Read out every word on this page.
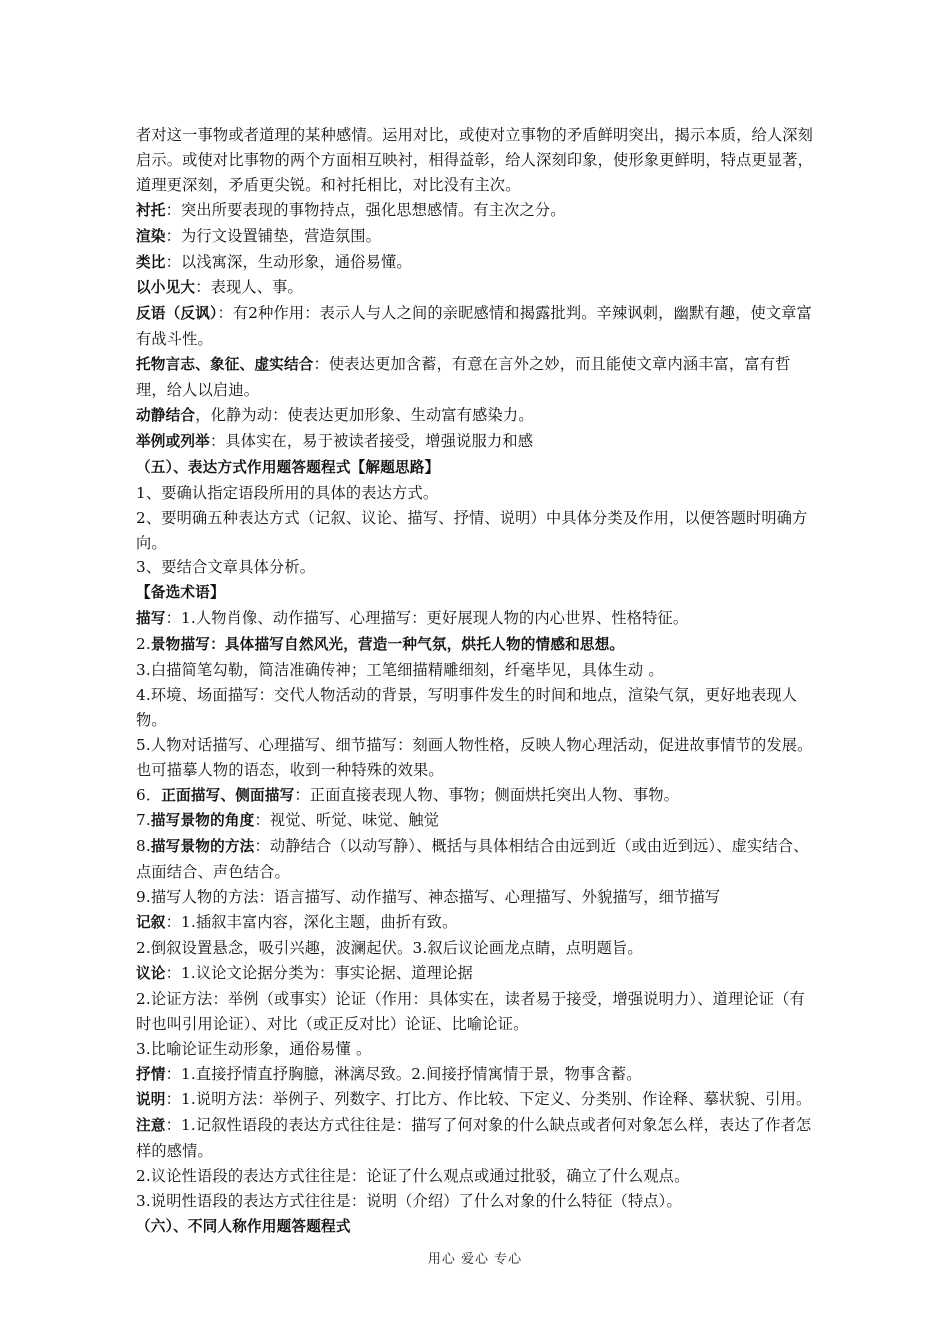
者对这一事物或者道理的某种感情。运用对比，或使对立事物的矛盾鲜明突出，揭示本质，给人深刻启示。或使对比事物的两个方面相互映衬，相得益彰，给人深刻印象，使形象更鲜明，特点更显著，道理更深刻，矛盾更尖锐。和衬托相比，对比没有主次。

衬托：突出所要表现的事物持点，强化思想感情。有主次之分。

渲染：为行文设置铺垫，营造氛围。

类比：以浅寓深，生动形象，通俗易懂。

以小见大：表现人、事。

反语（反讽）：有2种作用：表示人与人之间的亲昵感情和揭露批判。辛辣讽刺，幽默有趣，使文章富有战斗性。

托物言志、象征、虚实结合：使表达更加含蓄，有意在言外之妙，而且能使文章内涵丰富，富有哲理，给人以启迪。

动静结合，化静为动：使表达更加形象、生动富有感染力。

举例或列举：具体实在，易于被读者接受，增强说服力和感

（五）、表达方式作用题答题程式【解题思路】

1、要确认指定语段所用的具体的表达方式。

2、要明确五种表达方式（记叙、议论、描写、抒情、说明）中具体分类及作用，以便答题时明确方向。

3、要结合文章具体分析。

【备选术语】

描写：1.人物肖像、动作描写、心理描写：更好展现人物的内心世界、性格特征。

2.景物描写：具体描写自然风光，营造一种气氛，烘托人物的情感和思想。

3.白描简笔勾勒，简洁准确传神；工笔细描精雕细刻，纤毫毕见，具体生动 。

4.环境、场面描写：交代人物活动的背景，写明事件发生的时间和地点，渲染气氛，更好地表现人物。

5.人物对话描写、心理描写、细节描写：刻画人物性格，反映人物心理活动，促进故事情节的发展。也可描摹人物的语态，收到一种特殊的效果。

6．正面描写、侧面描写：正面直接表现人物、事物；侧面烘托突出人物、事物。

7.描写景物的角度：视觉、听觉、味觉、触觉

8.描写景物的方法：动静结合（以动写静）、概括与具体相结合由远到近（或由近到远）、虚实结合、点面结合、声色结合。

9.描写人物的方法：语言描写、动作描写、神态描写、心理描写、外貌描写，细节描写

记叙：1.插叙丰富内容，深化主题，曲折有致。

2.倒叙设置悬念，吸引兴趣，波澜起伏。3.叙后议论画龙点睛，点明题旨。

议论：1.议论文论据分类为：事实论据、道理论据

2.论证方法：举例（或事实）论证（作用：具体实在，读者易于接受，增强说明力）、道理论证（有时也叫引用论证）、对比（或正反对比）论证、比喻论证。

3.比喻论证生动形象，通俗易懂 。

抒情：1.直接抒情直抒胸臆，淋漓尽致。2.间接抒情寓情于景，物事含蓄。

说明：1.说明方法：举例子、列数字、打比方、作比较、下定义、分类别、作诠释、摹状貌、引用。

注意：1.记叙性语段的表达方式往往是：描写了何对象的什么缺点或者何对象怎么样，表达了作者怎样的感情。

2.议论性语段的表达方式往往是：论证了什么观点或通过批驳，确立了什么观点。

3.说明性语段的表达方式往往是：说明（介绍）了什么对象的什么特征（特点）。

（六）、不同人称作用题答题程式

用心 爱心 专心
